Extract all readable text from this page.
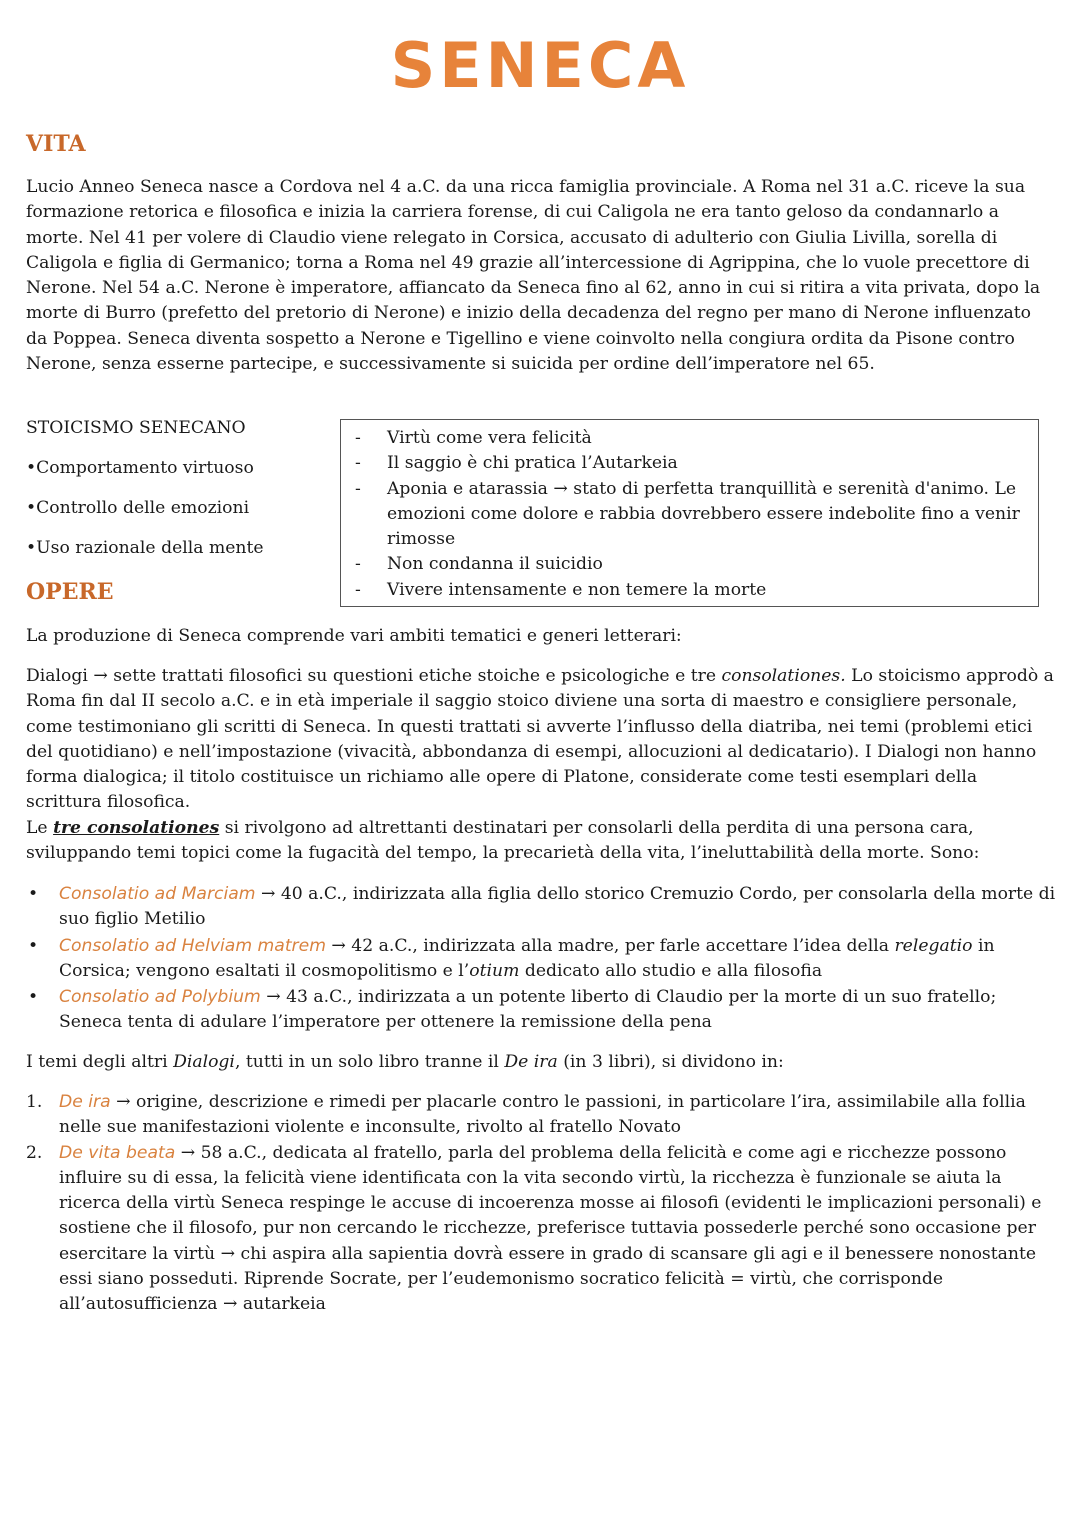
SENECA
VITA

Lucio Anneo Seneca nasce a Cordova nel 4 a.C. da una ricca famiglia provinciale. A Roma nel 31 a.C. riceve la sua formazione retorica e filosofica e inizia la carriera forense, di cui Caligola ne era tanto geloso da condannarlo a morte. Nel 41 per volere di Claudio viene relegato in Corsica, accusato di adulterio con Giulia Livilla, sorella di Caligola e figlia di Germanico; torna a Roma nel 49 grazie all’intercessione di Agrippina, che lo vuole precettore di Nerone. Nel 54 a.C. Nerone è imperatore, affiancato da Seneca fino al 62, anno in cui si ritira a vita privata, dopo la morte di Burro (prefetto del pretorio di Nerone) e inizio della decadenza del regno per mano di Nerone influenzato da Poppea. Seneca diventa sospetto a Nerone e Tigellino e viene coinvolto nella congiura ordita da Pisone contro Nerone, senza esserne partecipe, e successivamente si suicida per ordine dell’imperatore nel 65.

STOICISMO SENECANO
•Comportamento virtuoso
•Controllo delle emozioni
•Uso razionale della mente
- Virtù come vera felicità
- Il saggio è chi pratica l’Autarkeia
- Aponia e atarassia → stato di perfetta tranquillità e serenità d'animo. Le emozioni come dolore e rabbia dovrebbero essere indebolite fino a venir rimosse
- Non condanna il suicidio
- Vivere intensamente e non temere la morte
OPERE

La produzione di Seneca comprende vari ambiti tematici e generi letterari:

Dialogi → sette trattati filosofici su questioni etiche stoiche e psicologiche e tre consolationes. Lo stoicismo approdò a Roma fin dal II secolo a.C. e in età imperiale il saggio stoico diviene una sorta di maestro e consigliere personale, come testimoniano gli scritti di Seneca. In questi trattati si avverte l’influsso della diatriba, nei temi (problemi etici del quotidiano) e nell’impostazione (vivacità, abbondanza di esempi, allocuzioni al dedicatario). I Dialogi non hanno forma dialogica; il titolo costituisce un richiamo alle opere di Platone, considerate come testi esemplari della scrittura filosofica.
Le tre consolationes si rivolgono ad altrettanti destinatari per consolarli della perdita di una persona cara, sviluppando temi topici come la fugacità del tempo, la precarietà della vita, l’ineluttabilità della morte. Sono:

• Consolatio ad Marciam → 40 a.C., indirizzata alla figlia dello storico Cremuzio Cordo, per consolarla della morte di suo figlio Metilio
• Consolatio ad Helviam matrem → 42 a.C., indirizzata alla madre, per farle accettare l’idea della relegatio in Corsica; vengono esaltati il cosmopolitismo e l’otium dedicato allo studio e alla filosofia
• Consolatio ad Polybium → 43 a.C., indirizzata a un potente liberto di Claudio per la morte di un suo fratello; Seneca tenta di adulare l’imperatore per ottenere la remissione della pena

I temi degli altri Dialogi, tutti in un solo libro tranne il De ira (in 3 libri), si dividono in:

1. De ira → origine, descrizione e rimedi per placarle contro le passioni, in particolare l’ira, assimilabile alla follia nelle sue manifestazioni violente e inconsulte, rivolto al fratello Novato
2. De vita beata → 58 a.C., dedicata al fratello, parla del problema della felicità e come agi e ricchezze possono influire su di essa, la felicità viene identificata con la vita secondo virtù, la ricchezza è funzionale se aiuta la ricerca della virtù Seneca respinge le accuse di incoerenza mosse ai filosofi (evidenti le implicazioni personali) e sostiene che il filosofo, pur non cercando le ricchezze, preferisce tuttavia possederle perché sono occasione per esercitare la virtù → chi aspira alla sapientia dovrà essere in grado di scansare gli agi e il benessere nonostante essi siano posseduti. Riprende Socrate, per l’eudemonismo socratico felicità = virtù, che corrisponde all’autosufficienza → autarkeia
